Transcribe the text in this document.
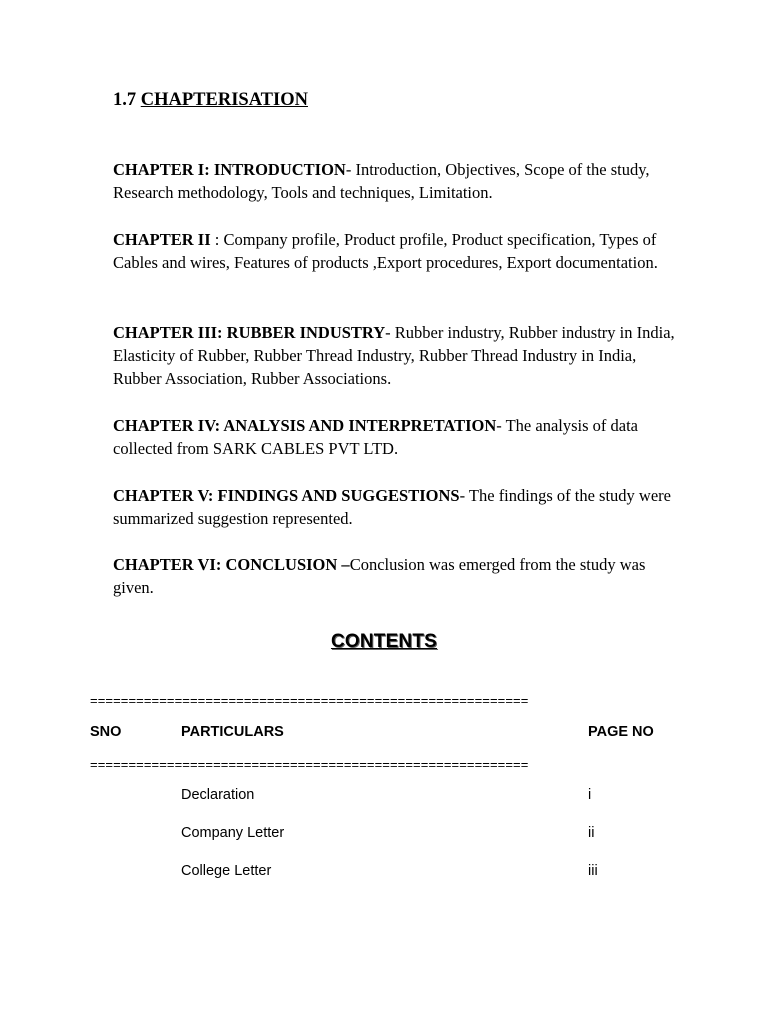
1.7 CHAPTERISATION

CHAPTER I: INTRODUCTION- Introduction, Objectives, Scope of the study, Research methodology, Tools and techniques, Limitation.

CHAPTER II : Company profile, Product profile, Product specification, Types of Cables and wires, Features of products ,Export procedures, Export documentation.

CHAPTER III: RUBBER INDUSTRY- Rubber industry, Rubber industry in India, Elasticity of Rubber, Rubber Thread Industry, Rubber Thread Industry in India, Rubber Association, Rubber Associations.

CHAPTER IV: ANALYSIS AND INTERPRETATION- The analysis of data collected from SARK CABLES PVT LTD.

CHAPTER V: FINDINGS AND SUGGESTIONS- The findings of the study were summarized suggestion represented.

CHAPTER VI: CONCLUSION –Conclusion was emerged from the study was given.

CONTENTS
=========================================================
SNO	PARTICULARS	PAGE NO
=========================================================
Declaration	i
Company Letter	ii
College Letter	iii
